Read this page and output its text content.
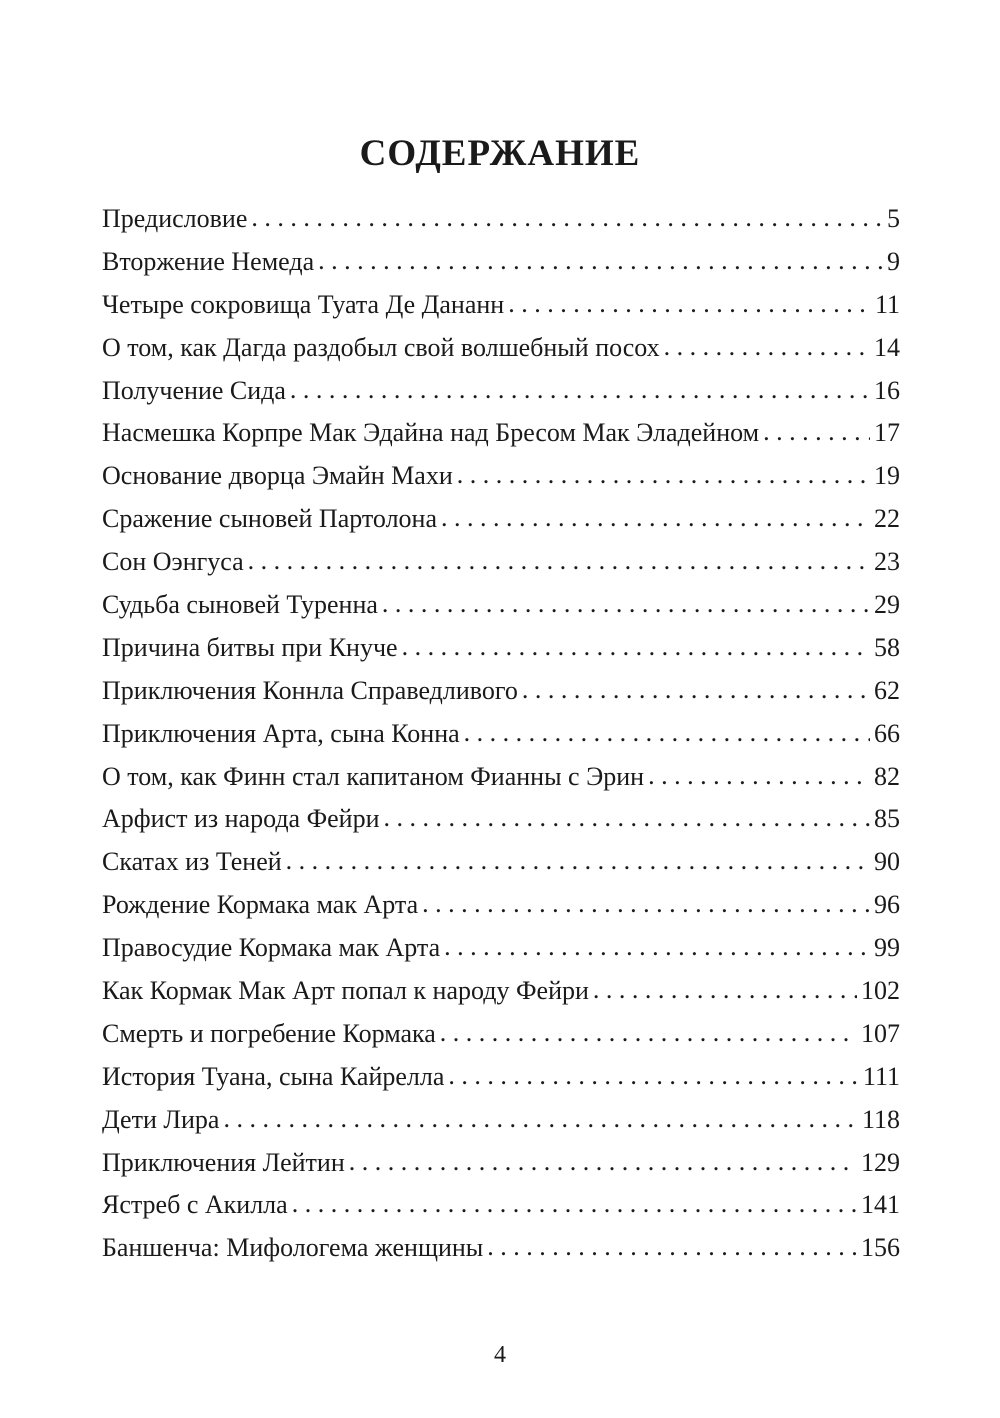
СОДЕРЖАНИЕ
Предисловие . . .	5
Вторжение Немеда . . .	9
Четыре сокровища Туата Де Дананн . . .	11
О том, как Дагда раздобыл свой волшебный посох . . .	14
Получение Сида . . .	16
Насмешка Корпре Мак Эдайна над Бресом Мак Эладейном . . .	17
Основание дворца Эмайн Махи . . .	19
Сражение сыновей Партолона . . .	22
Сон Оэнгуса . . .	23
Судьба сыновей Туренна . . .	29
Причина битвы при Кнуче . . .	58
Приключения Коннла Справедливого . . .	62
Приключения Арта, сына Конна . . .	66
О том, как Финн стал капитаном Фианны с Эрин . . .	82
Арфист из народа Фейри . . .	85
Скатах из Теней . . .	90
Рождение Кормака мак Арта . . .	96
Правосудие Кормака мак Арта . . .	99
Как Кормак Мак Арт попал к народу Фейри . . .	102
Смерть и погребение Кормака . . .	107
История Туана, сына Кайрелла . . .	111
Дети Лира . . .	118
Приключения Лейтин . . .	129
Ястреб с Акилла . . .	141
Баншенча: Мифологема женщины . . .	156
4
